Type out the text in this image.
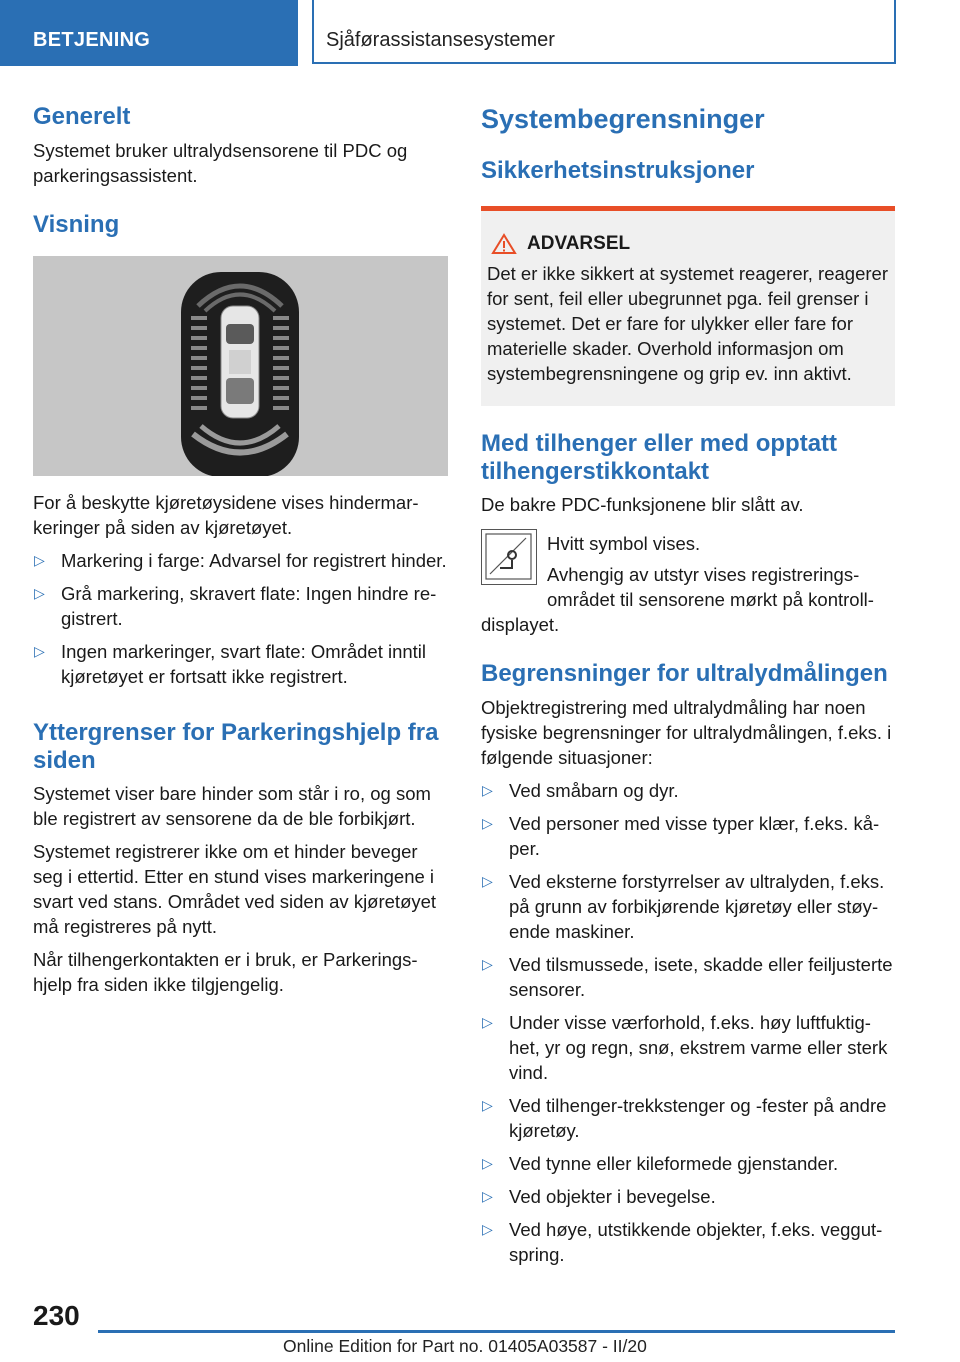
BETJENING	Sjåførassistansesystemer
Generelt

Systemet bruker ultralydsensorene til PDC og parkeringsassistent.

Visning

For å beskytte kjøretøysidene vises hindermarkeringer på siden av kjøretøyet.

▷ Markering i farge: Advarsel for registrert hinder.
▷ Grå markering, skravert flate: Ingen hindre registrert.
▷ Ingen markeringer, svart flate: Området inntil kjøretøyet er fortsatt ikke registrert.
Yttergrenser for Parkeringshjelp fra siden

Systemet viser bare hinder som står i ro, og som ble registrert av sensorene da de ble forbikjørt.

Systemet registrerer ikke om et hinder beveger seg i ettertid. Etter en stund vises markeringene i svart ved stans. Området ved siden av kjøretøyet må registreres på nytt.

Når tilhengerkontakten er i bruk, er Parkeringshjelp fra siden ikke tilgjengelig.

Systembegrensninger
Sikkerhetsinstruksjoner
ADVARSEL
Det er ikke sikkert at systemet reagerer, reagerer for sent, feil eller ubegrunnet pga. feil grenser i systemet. Det er fare for ulykker eller fare for materielle skader. Overhold informasjon om systembegrensningene og grip ev. inn aktivt.
Med tilhenger eller med opptatt tilhengerstikkontakt

De bakre PDC-funksjonene blir slått av.

Hvitt symbol vises.

Avhengig av utstyr vises registreringsområdet til sensorene mørkt på kontrolldisplayet.

Begrensninger for ultralydmålingen

Objektregistrering med ultralydmåling har noen fysiske begrensninger for ultralydmålingen, f.eks. i følgende situasjoner:

▷ Ved småbarn og dyr.
▷ Ved personer med visse typer klær, f.eks. kåper.
▷ Ved eksterne forstyrrelser av ultralyden, f.eks. på grunn av forbikjørende kjøretøy eller støyende maskiner.
▷ Ved tilsmussede, isete, skadde eller feiljusterte sensorer.
▷ Under visse værforhold, f.eks. høy luftfuktighet, yr og regn, snø, ekstrem varme eller sterk vind.
▷ Ved tilhenger-trekkstenger og -fester på andre kjøretøy.
▷ Ved tynne eller kileformede gjenstander.
▷ Ved objekter i bevegelse.
▷ Ved høye, utstikkende objekter, f.eks. veggutspring.
230
Online Edition for Part no. 01405A03587 - II/20
